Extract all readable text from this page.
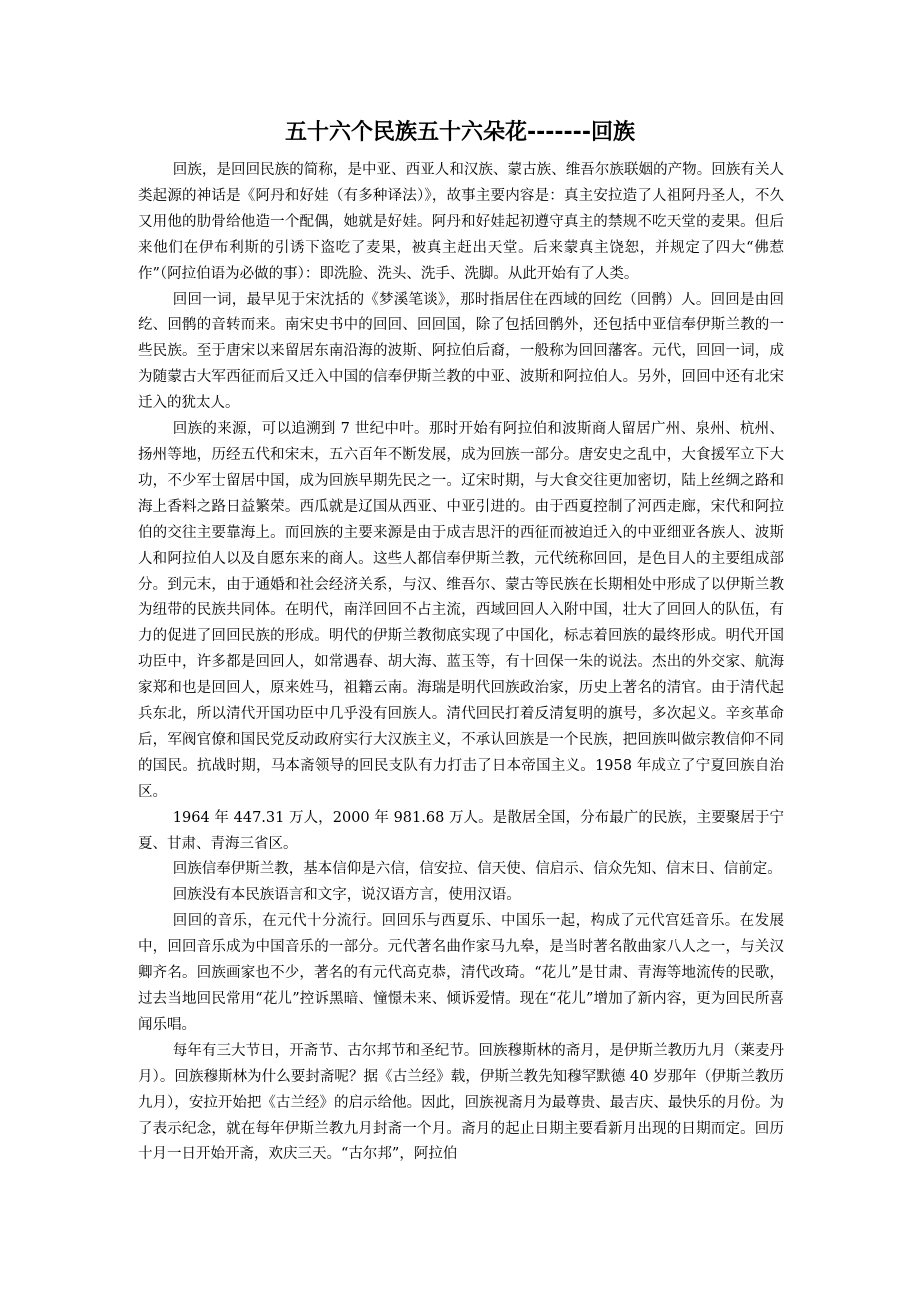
五十六个民族五十六朵花-------回族

回族，是回回民族的简称，是中亚、西亚人和汉族、蒙古族、维吾尔族联姻的产物。回族有关人类起源的神话是《阿丹和好娃（有多种译法）》，故事主要内容是：真主安拉造了人祖阿丹圣人，不久又用他的肋骨给他造一个配偶，她就是好娃。阿丹和好娃起初遵守真主的禁规不吃天堂的麦果。但后来他们在伊布利斯的引诱下盗吃了麦果，被真主赶出天堂。后来蒙真主饶恕，并规定了四大“佛惹作”（阿拉伯语为必做的事）：即洗脸、洗头、洗手、洗脚。从此开始有了人类。

回回一词，最早见于宋沈括的《梦溪笔谈》，那时指居住在西域的回纥（回鹘）人。回回是由回纥、回鹘的音转而来。南宋史书中的回回、回回国，除了包括回鹘外，还包括中亚信奉伊斯兰教的一些民族。至于唐宋以来留居东南沿海的波斯、阿拉伯后裔，一般称为回回藩客。元代，回回一词，成为随蒙古大军西征而后又迁入中国的信奉伊斯兰教的中亚、波斯和阿拉伯人。另外，回回中还有北宋迁入的犹太人。

回族的来源，可以追溯到 7 世纪中叶。那时开始有阿拉伯和波斯商人留居广州、泉州、杭州、扬州等地，历经五代和宋末，五六百年不断发展，成为回族一部分。唐安史之乱中，大食援军立下大功，不少军士留居中国，成为回族早期先民之一。辽宋时期，与大食交往更加密切，陆上丝绸之路和海上香料之路日益繁荣。西瓜就是辽国从西亚、中亚引进的。由于西夏控制了河西走廊，宋代和阿拉伯的交往主要靠海上。而回族的主要来源是由于成吉思汗的西征而被迫迁入的中亚细亚各族人、波斯人和阿拉伯人以及自愿东来的商人。这些人都信奉伊斯兰教，元代统称回回，是色目人的主要组成部分。到元末，由于通婚和社会经济关系，与汉、维吾尔、蒙古等民族在长期相处中形成了以伊斯兰教为纽带的民族共同体。在明代，南洋回回不占主流，西域回回人入附中国，壮大了回回人的队伍，有力的促进了回回民族的形成。明代的伊斯兰教彻底实现了中国化，标志着回族的最终形成。明代开国功臣中，许多都是回回人，如常遇春、胡大海、蓝玉等，有十回保一朱的说法。杰出的外交家、航海家郑和也是回回人，原来姓马，祖籍云南。海瑞是明代回族政治家，历史上著名的清官。由于清代起兵东北，所以清代开国功臣中几乎没有回族人。清代回民打着反清复明的旗号，多次起义。辛亥革命后，军阀官僚和国民党反动政府实行大汉族主义，不承认回族是一个民族，把回族叫做宗教信仰不同的国民。抗战时期，马本斋领导的回民支队有力打击了日本帝国主义。1958 年成立了宁夏回族自治区。

1964 年 447.31 万人，2000 年 981.68 万人。是散居全国，分布最广的民族，主要聚居于宁夏、甘肃、青海三省区。

回族信奉伊斯兰教，基本信仰是六信，信安拉、信天使、信启示、信众先知、信末日、信前定。

回族没有本民族语言和文字，说汉语方言，使用汉语。

回回的音乐，在元代十分流行。回回乐与西夏乐、中国乐一起，构成了元代宫廷音乐。在发展中，回回音乐成为中国音乐的一部分。元代著名曲作家马九皋，是当时著名散曲家八人之一，与关汉卿齐名。回族画家也不少，著名的有元代高克恭，清代改琦。“花儿”是甘肃、青海等地流传的民歌，过去当地回民常用“花儿”控诉黑暗、憧憬未来、倾诉爱情。现在“花儿”增加了新内容，更为回民所喜闻乐唱。

每年有三大节日，开斋节、古尔邦节和圣纪节。回族穆斯林的斋月，是伊斯兰教历九月（莱麦丹月）。回族穆斯林为什么要封斋呢？据《古兰经》载，伊斯兰教先知穆罕默德 40 岁那年（伊斯兰教历九月），安拉开始把《古兰经》的启示给他。因此，回族视斋月为最尊贵、最吉庆、最快乐的月份。为了表示纪念，就在每年伊斯兰教九月封斋一个月。斋月的起止日期主要看新月出现的日期而定。回历十月一日开始开斋，欢庆三天。“古尔邦”，阿拉伯
